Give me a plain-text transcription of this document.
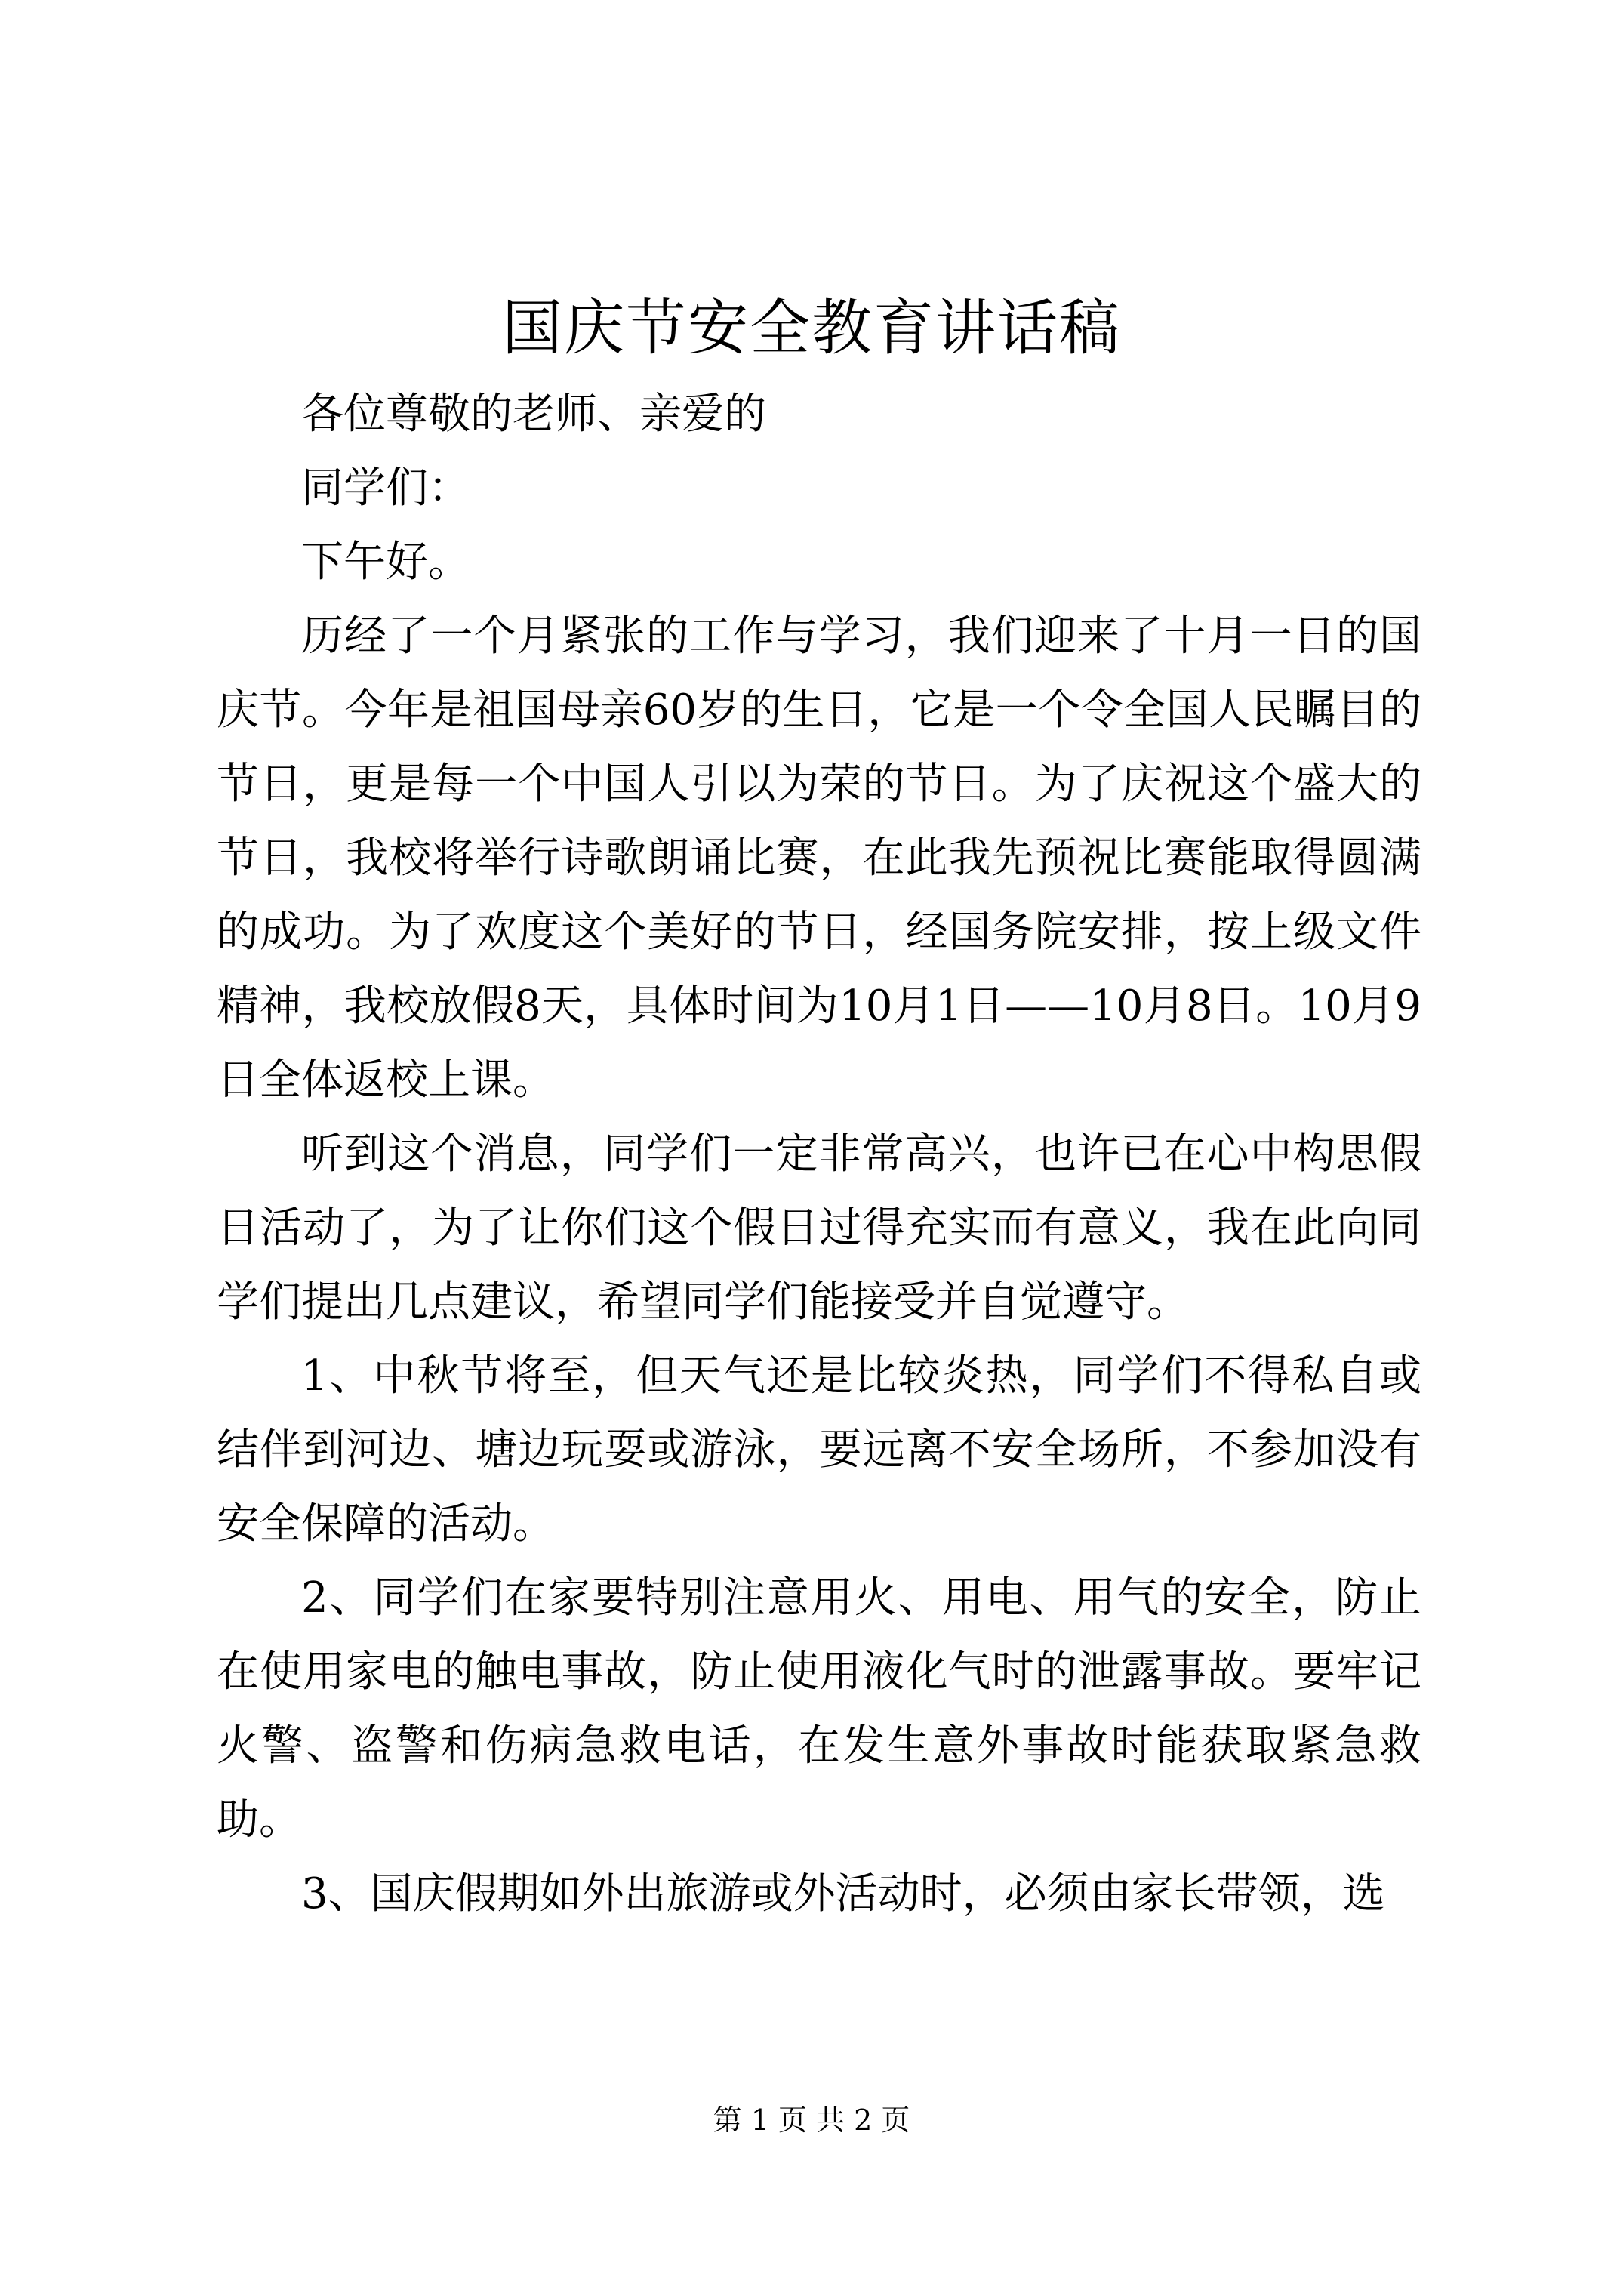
国庆节安全教育讲话稿

各位尊敬的老师、亲爱的

同学们：

下午好。

历经了一个月紧张的工作与学习，我们迎来了十月一日的国庆节。今年是祖国母亲60岁的生日，它是一个令全国人民瞩目的节日，更是每一个中国人引以为荣的节日。为了庆祝这个盛大的节日，我校将举行诗歌朗诵比赛，在此我先预祝比赛能取得圆满的成功。为了欢度这个美好的节日，经国务院安排，按上级文件精神，我校放假8天，具体时间为10月1日——10月8日。10月9日全体返校上课。

听到这个消息，同学们一定非常高兴，也许已在心中构思假日活动了，为了让你们这个假日过得充实而有意义，我在此向同学们提出几点建议，希望同学们能接受并自觉遵守。

1、中秋节将至，但天气还是比较炎热，同学们不得私自或结伴到河边、塘边玩耍或游泳，要远离不安全场所，不参加没有安全保障的活动。

2、同学们在家要特别注意用火、用电、用气的安全，防止在使用家电的触电事故，防止使用液化气时的泄露事故。要牢记火警、盗警和伤病急救电话，在发生意外事故时能获取紧急救助。

3、国庆假期如外出旅游或外活动时，必须由家长带领，选

第 1 页 共 2 页
